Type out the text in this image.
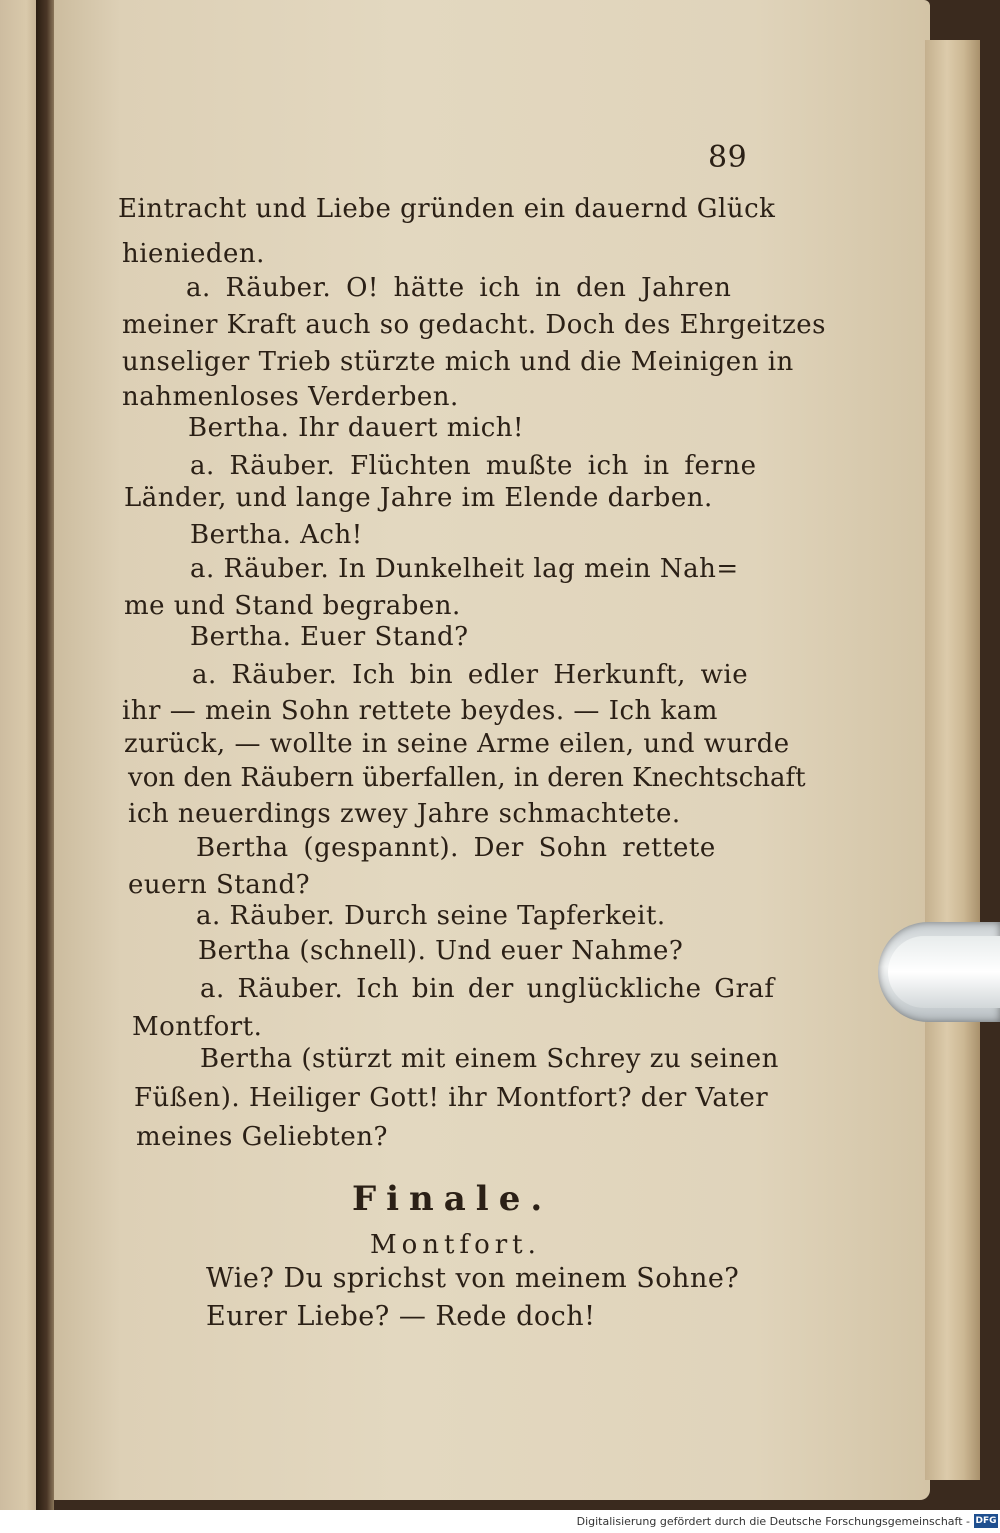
89
Eintracht und Liebe gründen ein dauernd Glück
hienieden.
a. Räuber. O! hätte ich in den Jahren
meiner Kraft auch so gedacht. Doch des Ehrgeitzes
unseliger Trieb stürzte mich und die Meinigen in
nahmenloses Verderben.
Bertha. Ihr dauert mich!
a. Räuber. Flüchten mußte ich in ferne
Länder, und lange Jahre im Elende darben.
Bertha. Ach!
a. Räuber. In Dunkelheit lag mein Nah=
me und Stand begraben.
Bertha. Euer Stand?
a. Räuber. Ich bin edler Herkunft, wie
ihr — mein Sohn rettete beydes. — Ich kam
zurück, — wollte in seine Arme eilen, und wurde
von den Räubern überfallen, in deren Knechtschaft
ich neuerdings zwey Jahre schmachtete.
Bertha (gespannt). Der Sohn rettete
euern Stand?
a. Räuber. Durch seine Tapferkeit.
Bertha (schnell). Und euer Nahme?
a. Räuber. Ich bin der unglückliche Graf
Montfort.
Bertha (stürzt mit einem Schrey zu seinen
Füßen). Heiliger Gott! ihr Montfort? der Vater
meines Geliebten?
Finale.
Montfort.
Wie? Du sprichst von meinem Sohne?
Eurer Liebe? — Rede doch!
Digitalisierung gefördert durch die Deutsche Forschungsgemeinschaft - DFG
